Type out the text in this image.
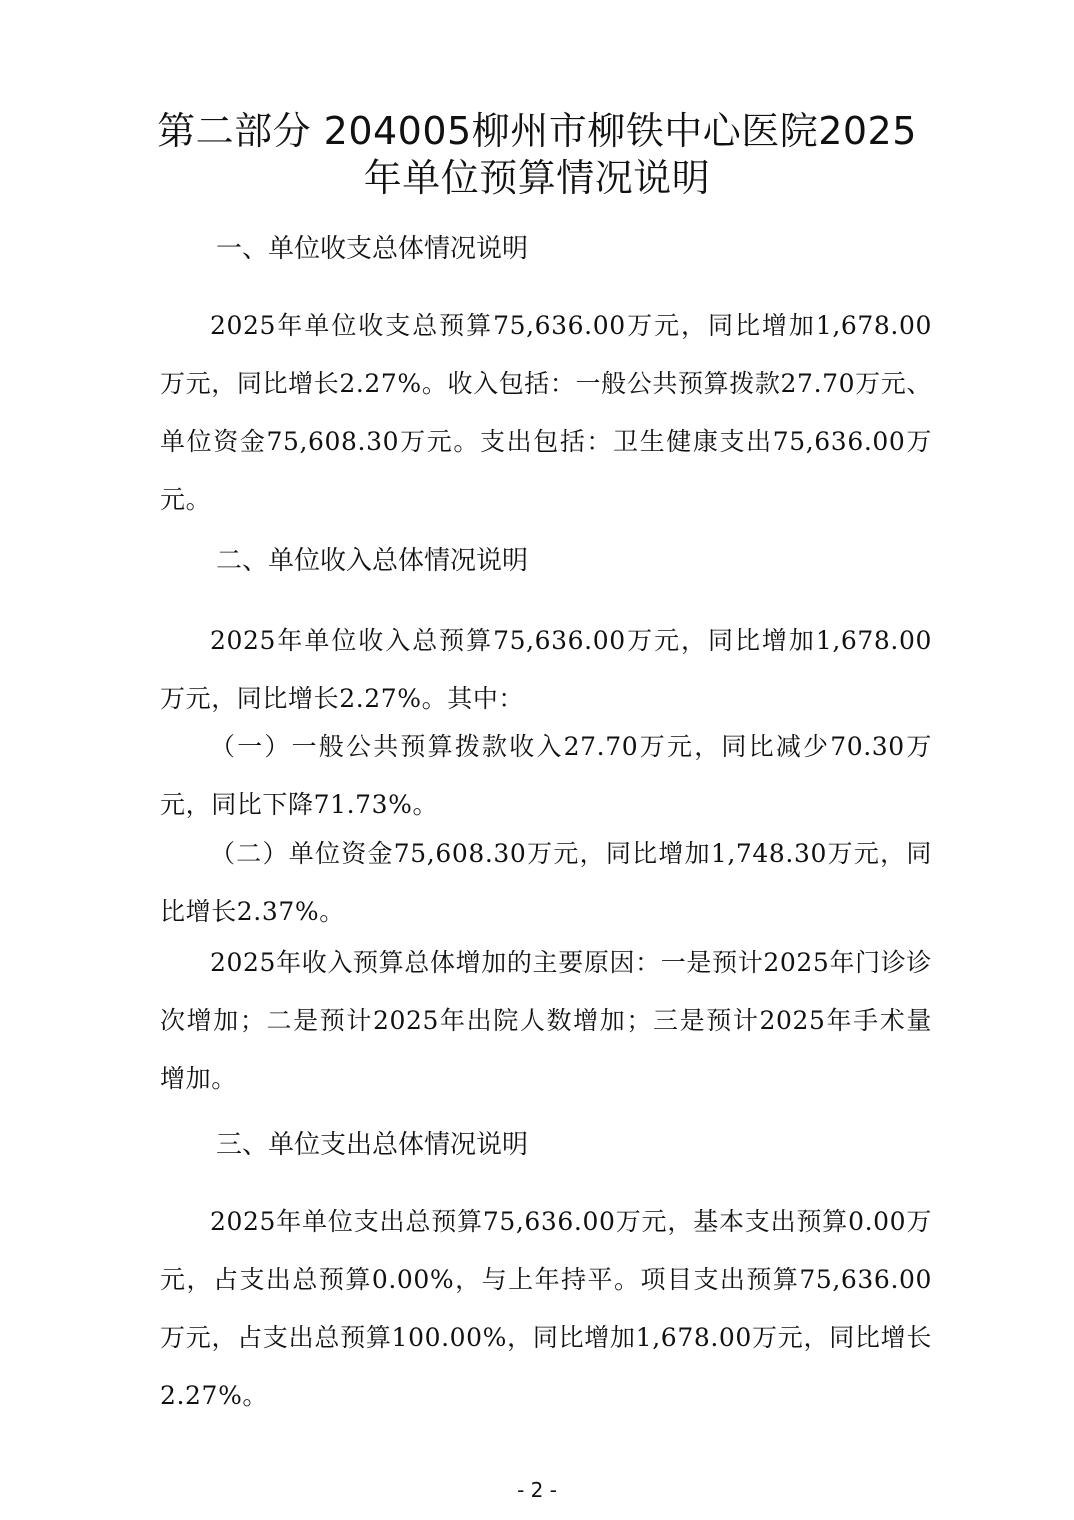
第二部分 204005柳州市柳铁中心医院2025
年单位预算情况说明
一、单位收支总体情况说明

2025年单位收支总预算75,636.00万元，同比增加1,678.00万元，同比增长2.27%。收入包括：一般公共预算拨款27.70万元、单位资金75,608.30万元。支出包括：卫生健康支出75,636.00万元。

二、单位收入总体情况说明

2025年单位收入总预算75,636.00万元，同比增加1,678.00万元，同比增长2.27%。其中：

（一）一般公共预算拨款收入27.70万元，同比减少70.30万元，同比下降71.73%。

（二）单位资金75,608.30万元，同比增加1,748.30万元，同比增长2.37%。

2025年收入预算总体增加的主要原因：一是预计2025年门诊诊次增加；二是预计2025年出院人数增加；三是预计2025年手术量增加。

三、单位支出总体情况说明

2025年单位支出总预算75,636.00万元，基本支出预算0.00万元，占支出总预算0.00%，与上年持平。项目支出预算75,636.00万元，占支出总预算100.00%，同比增加1,678.00万元，同比增长2.27%。

- 2 -
